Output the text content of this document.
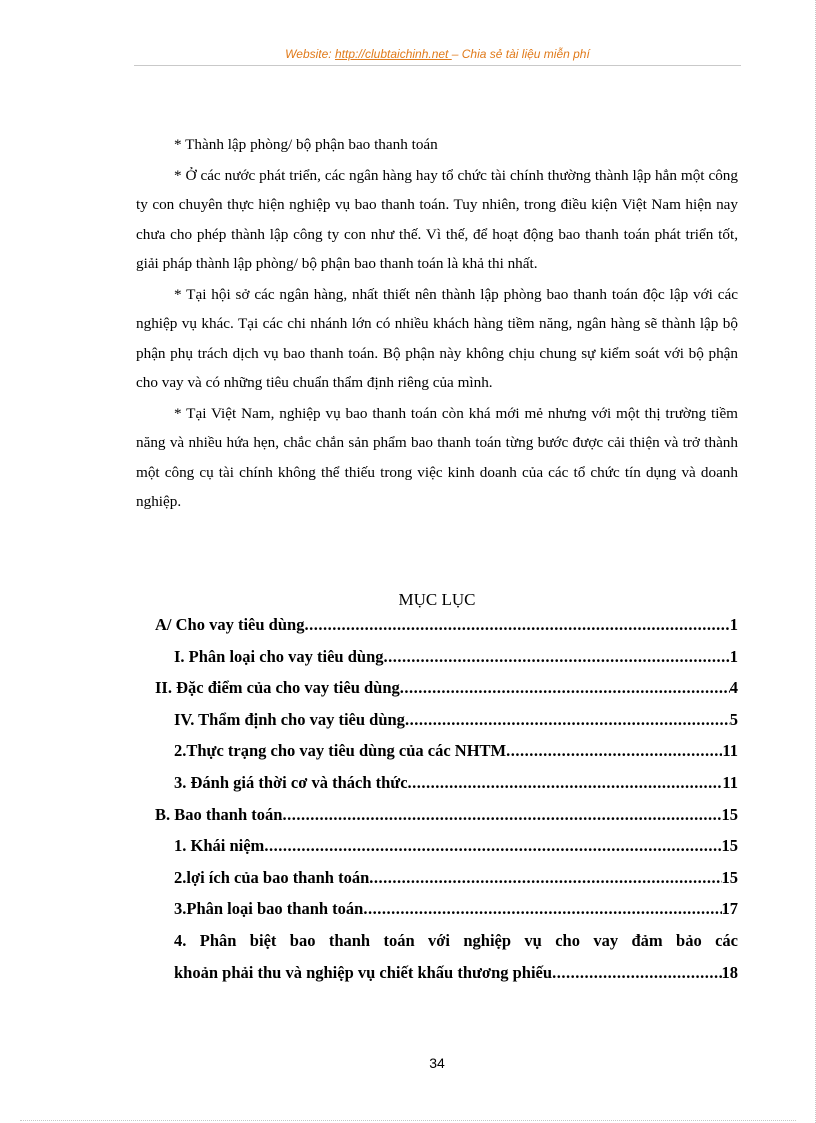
Website: http://clubtaichinh.net – Chia sẻ tài liệu miễn phí

* Thành lập phòng/ bộ phận bao thanh toán

* Ở các nước phát triển, các ngân hàng hay tổ chức tài chính thường thành lập hẳn một công ty con chuyên thực hiện nghiệp vụ bao thanh toán. Tuy nhiên, trong điều kiện Việt Nam hiện nay chưa cho phép thành lập công ty con như thế. Vì thế, để hoạt động bao thanh toán phát triển tốt, giải pháp thành lập phòng/ bộ phận bao thanh toán là khả thi nhất.

* Tại hội sở các ngân hàng, nhất thiết nên thành lập phòng bao thanh toán độc lập với các nghiệp vụ khác. Tại các chi nhánh lớn có nhiều khách hàng tiềm năng, ngân hàng sẽ thành lập bộ phận phụ trách dịch vụ bao thanh toán. Bộ phận này không chịu chung sự kiểm soát với bộ phận cho vay và có những tiêu chuẩn thẩm định riêng của mình.

* Tại Việt Nam, nghiệp vụ bao thanh toán còn khá mới mẻ nhưng với một thị trường tiềm năng và nhiều hứa hẹn, chắc chắn sản phẩm bao thanh toán từng bước được cải thiện và trở thành một công cụ tài chính không thể thiếu trong việc kinh doanh của các tổ chức tín dụng và doanh nghiệp.

MỤC LỤC
A/ Cho vay tiêu dùng .....	1
I. Phân loại cho vay tiêu dùng .....	1
II. Đặc điểm của cho vay tiêu dùng .....	4
IV. Thẩm định cho vay tiêu dùng .....	5
2.Thực trạng cho vay tiêu dùng của các NHTM .....	11
3. Đánh giá thời cơ và thách thức .....	11
B. Bao thanh toán .....	15
1. Khái niệm .....	15
2.lợi ích của bao thanh toán .....	15
3.Phân loại bao thanh toán .....	17
4. Phân biệt bao thanh toán với nghiệp vụ cho vay đảm bảo các
khoản phải thu và nghiệp vụ chiết khấu thương phiếu .....	18
34
